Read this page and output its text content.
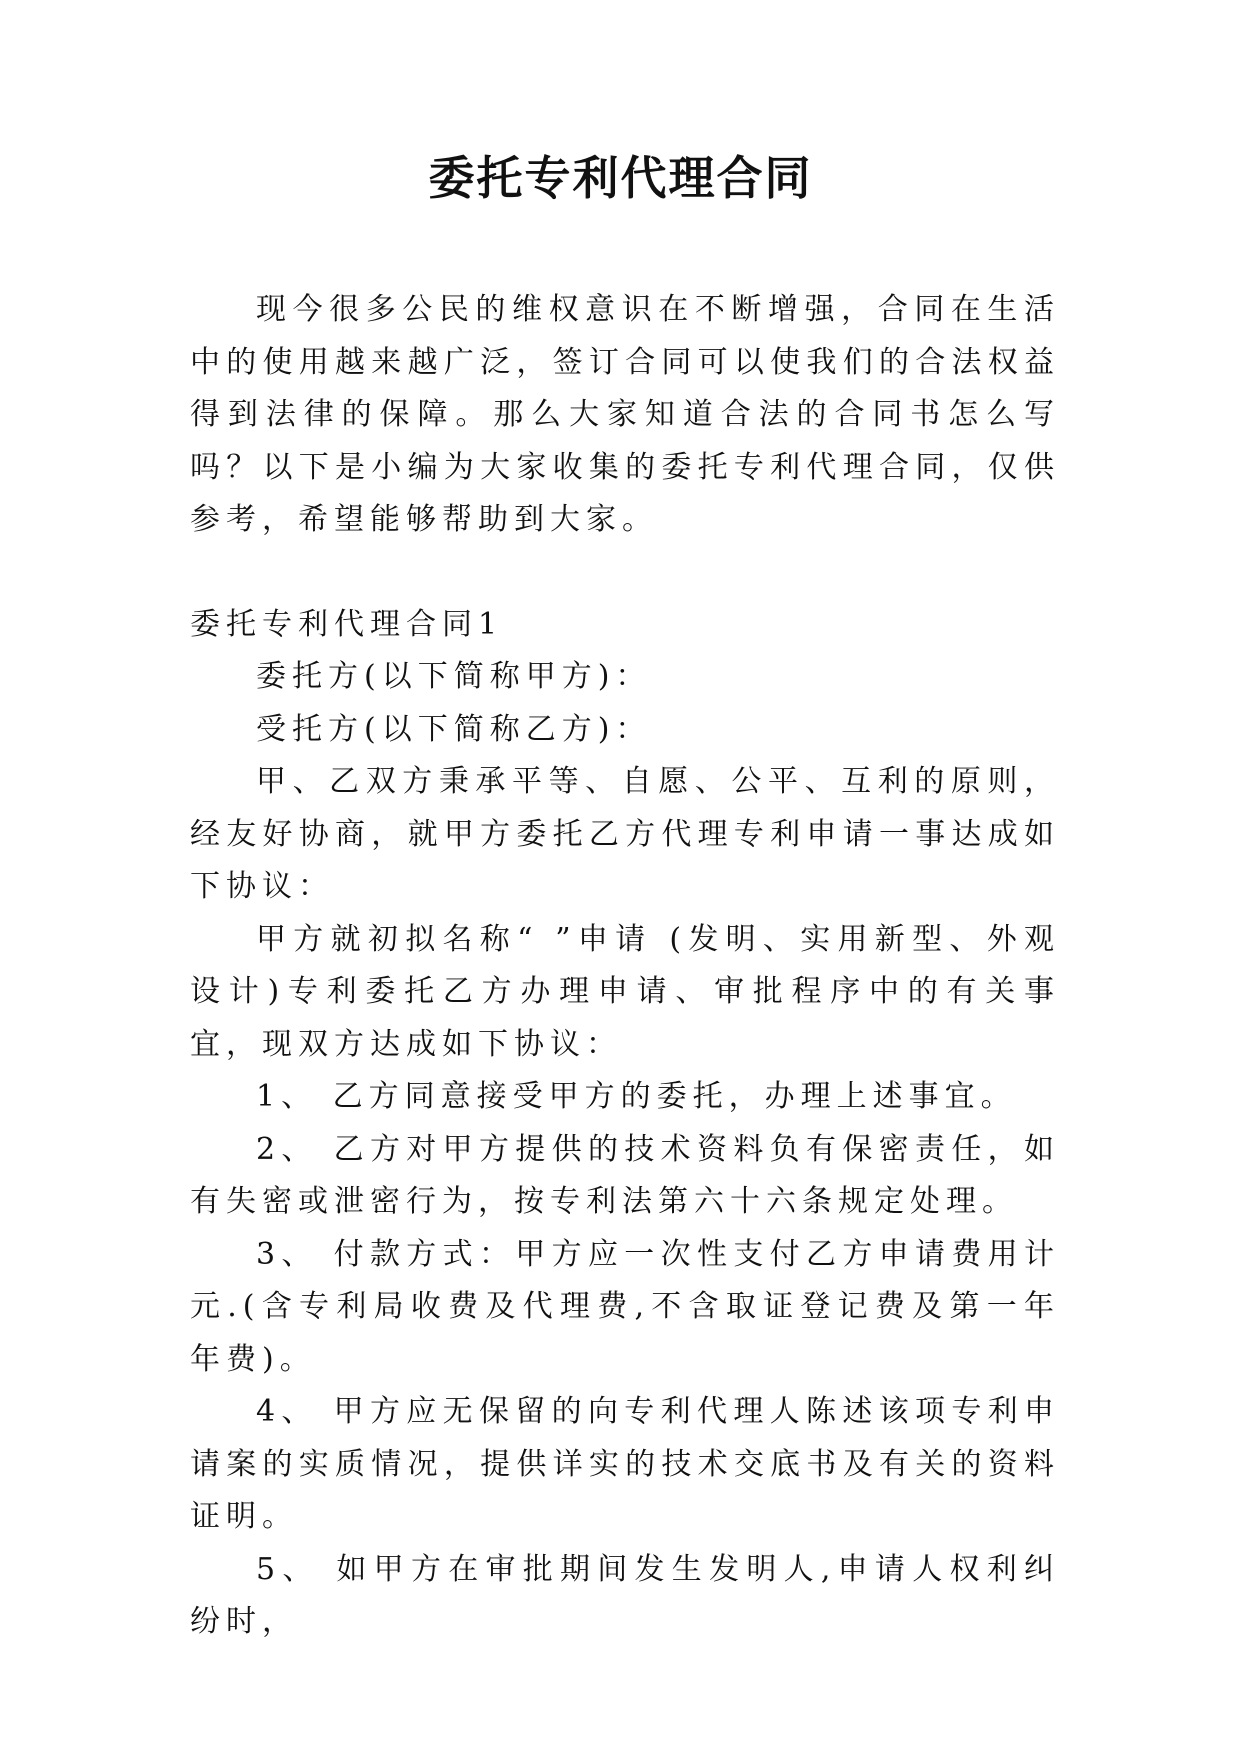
委托专利代理合同

现今很多公民的维权意识在不断增强，合同在生活中的使用越来越广泛，签订合同可以使我们的合法权益得到法律的保障。那么大家知道合法的合同书怎么写吗？以下是小编为大家收集的委托专利代理合同，仅供参考，希望能够帮助到大家。

委托专利代理合同1

委托方(以下简称甲方)：

受托方(以下简称乙方)：

甲、乙双方秉承平等、自愿、公平、互利的原则，经友好协商，就甲方委托乙方代理专利申请一事达成如下协议：

甲方就初拟名称“ ”申请 (发明、实用新型、外观设计)专利委托乙方办理申请、审批程序中的有关事宜，现双方达成如下协议：

1、 乙方同意接受甲方的委托，办理上述事宜。

2、 乙方对甲方提供的技术资料负有保密责任，如有失密或泄密行为，按专利法第六十六条规定处理。

3、 付款方式：甲方应一次性支付乙方申请费用计 元.(含专利局收费及代理费,不含取证登记费及第一年年费)。

4、 甲方应无保留的向专利代理人陈述该项专利申请案的实质情况，提供详实的技术交底书及有关的资料证明。

5、 如甲方在审批期间发生发明人,申请人权利纠纷时，
